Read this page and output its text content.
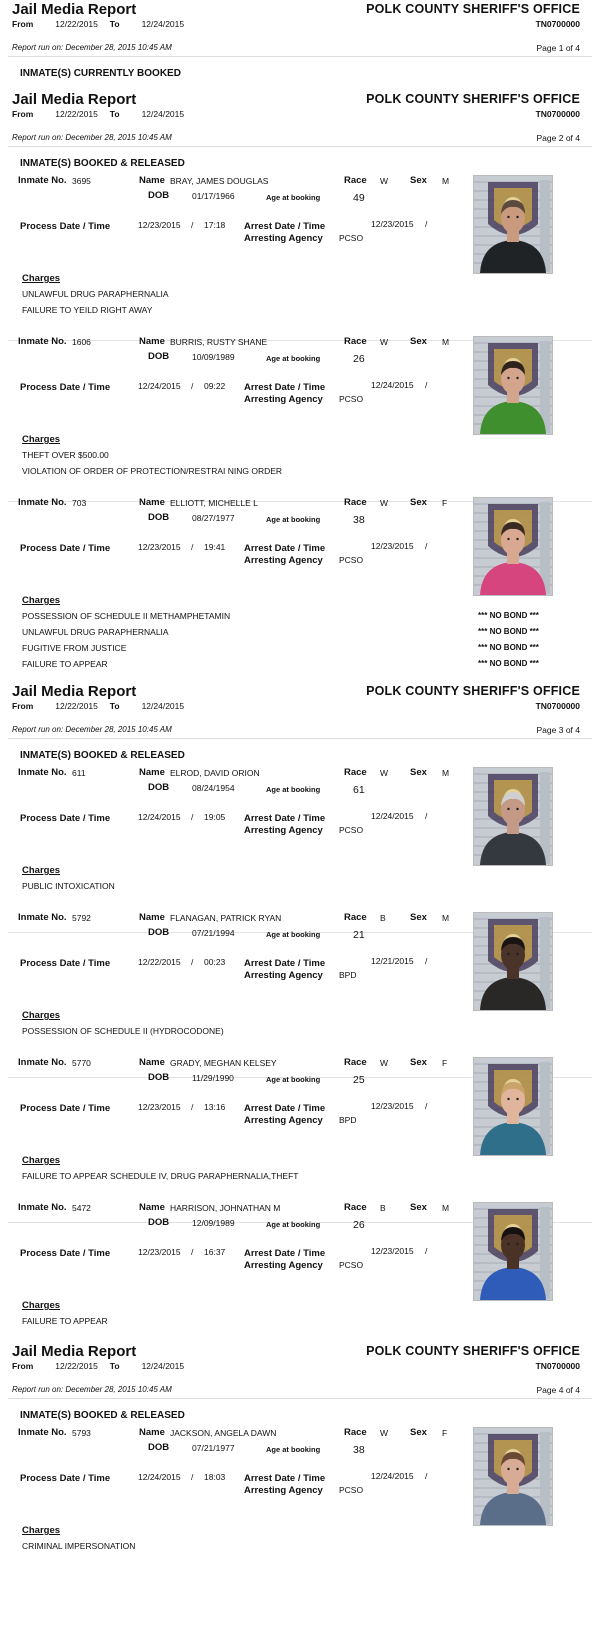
Jail Media Report	POLK COUNTY SHERIFF'S OFFICE
From	12/22/2015 To	12/24/2015	TN0700000
Report run on: December 28, 2015 10:45 AM	Page 1 of 4
INMATE(S) CURRENTLY BOOKED
Jail Media Report	POLK COUNTY SHERIFF'S OFFICE
From	12/22/2015 To	12/24/2015	TN0700000
Report run on: December 28, 2015 10:45 AM	Page 2 of 4
INMATE(S) BOOKED & RELEASED
Inmate No. 3695	Name BRAY, JAMES DOUGLAS	Race W Sex M
DOB	01/17/1966	Age at booking	49
Process Date / Time	12/23/2015 / 17:18 Arrest Date / Time	12/23/2015 /
Arresting Agency PCSO
Charges
UNLAWFUL DRUG PARAPHERNALIA
FAILURE TO YEILD RIGHT AWAY
Inmate No. 1606	Name BURRIS, RUSTY SHANE	Race W Sex M
DOB	10/09/1989	Age at booking	26
Process Date / Time	12/24/2015 / 09:22 Arrest Date / Time	12/24/2015 /
Arresting Agency PCSO
Charges
THEFT OVER $500.00
VIOLATION OF ORDER OF PROTECTION/RESTRAI NING ORDER
Inmate No. 703	Name ELLIOTT, MICHELLE L	Race W Sex F
DOB	08/27/1977	Age at booking	38
Process Date / Time	12/23/2015 / 19:41 Arrest Date / Time	12/23/2015 /
Arresting Agency PCSO
Charges
POSSESSION OF SCHEDULE II METHAMPHETAMIN
UNLAWFUL DRUG PARAPHERNALIA
FUGITIVE FROM JUSTICE
FAILURE TO APPEAR
*** NO BOND ***
*** NO BOND ***
*** NO BOND ***
*** NO BOND ***
Jail Media Report	POLK COUNTY SHERIFF'S OFFICE
From	12/22/2015 To	12/24/2015	TN0700000
Report run on: December 28, 2015 10:45 AM	Page 3 of 4
INMATE(S) BOOKED & RELEASED
Inmate No. 611	Name ELROD, DAVID ORION	Race W Sex M
DOB	08/24/1954	Age at booking	61
Process Date / Time	12/24/2015 / 19:05 Arrest Date / Time	12/24/2015 /
Arresting Agency PCSO
Charges
PUBLIC INTOXICATION
Inmate No. 5792	Name FLANAGAN, PATRICK RYAN	Race B	Sex M
DOB	07/21/1994	Age at booking	21
Process Date / Time	12/22/2015 / 00:23 Arrest Date / Time	12/21/2015 /
Arresting Agency BPD
Charges
POSSESSION OF SCHEDULE II (HYDROCODONE)
Inmate No. 5770	Name GRADY, MEGHAN KELSEY	Race W Sex F
DOB	11/29/1990	Age at booking	25
Process Date / Time	12/23/2015 / 13:16 Arrest Date / Time	12/23/2015 /
Arresting Agency BPD
Charges
FAILURE TO APPEAR SCHEDULE IV, DRUG PARAPHERNALIA,THEFT
Inmate No. 5472	Name HARRISON, JOHNATHAN M	Race B	Sex M
DOB	12/09/1989	Age at booking	26
Process Date / Time	12/23/2015 / 16:37 Arrest Date / Time	12/23/2015 /
Arresting Agency PCSO
Charges
FAILURE TO APPEAR
Jail Media Report	POLK COUNTY SHERIFF'S OFFICE
From	12/22/2015 To	12/24/2015	TN0700000
Report run on: December 28, 2015 10:45 AM	Page 4 of 4
INMATE(S) BOOKED & RELEASED
Inmate No. 5793	Name JACKSON, ANGELA DAWN	Race W Sex F
DOB	07/21/1977	Age at booking	38
Process Date / Time	12/24/2015 / 18:03 Arrest Date / Time	12/24/2015 /
Arresting Agency PCSO
Charges
CRIMINAL IMPERSONATION
